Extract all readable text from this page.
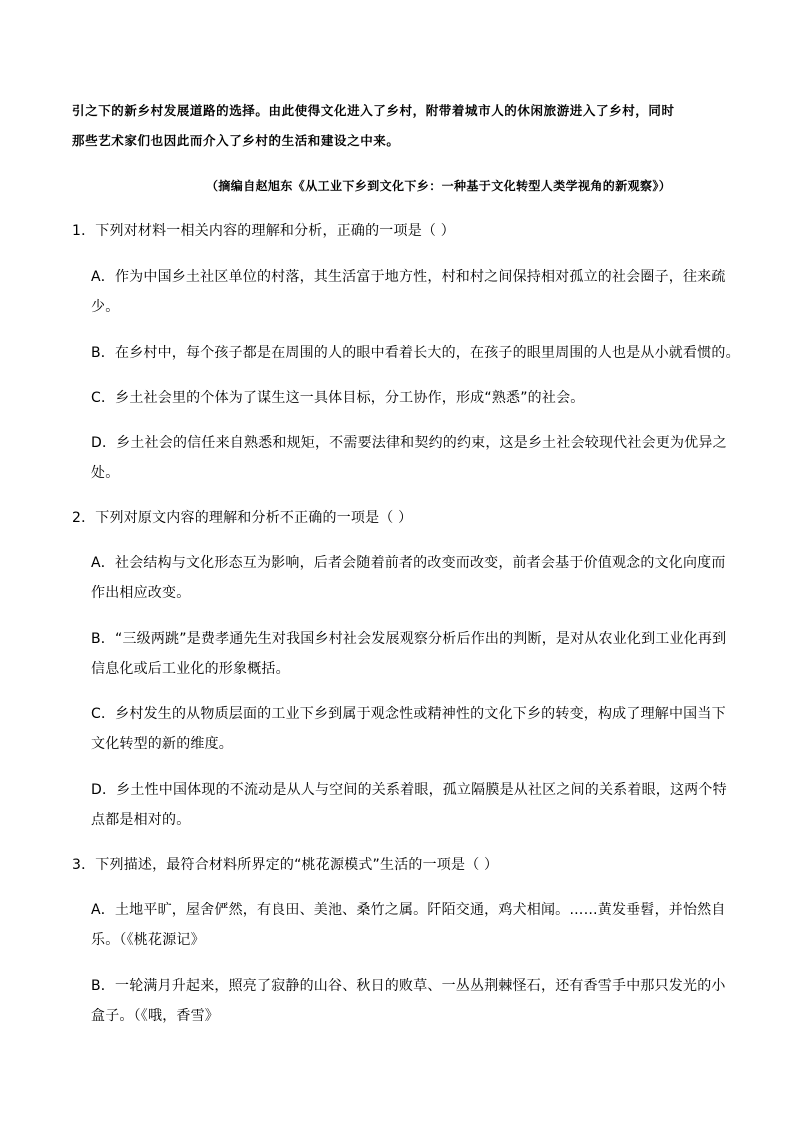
引之下的新乡村发展道路的选择。由此使得文化进入了乡村，附带着城市人的休闲旅游进入了乡村，同时
那些艺术家们也因此而介入了乡村的生活和建设之中来。
（摘编自赵旭东《从工业下乡到文化下乡：一种基于文化转型人类学视角的新观察》）
1．下列对材料一相关内容的理解和分析，正确的一项是（ ）
A．作为中国乡土社区单位的村落，其生活富于地方性，村和村之间保持相对孤立的社会圈子，往来疏
少。
B．在乡村中，每个孩子都是在周围的人的眼中看着长大的，在孩子的眼里周围的人也是从小就看惯的。
C．乡土社会里的个体为了谋生这一具体目标，分工协作，形成“熟悉”的社会。
D．乡土社会的信任来自熟悉和规矩，不需要法律和契约的约束，这是乡土社会较现代社会更为优异之
处。
2．下列对原文内容的理解和分析不正确的一项是（ ）
A．社会结构与文化形态互为影响，后者会随着前者的改变而改变，前者会基于价值观念的文化向度而
作出相应改变。
B．“三级两跳”是费孝通先生对我国乡村社会发展观察分析后作出的判断，是对从农业化到工业化再到
信息化或后工业化的形象概括。
C．乡村发生的从物质层面的工业下乡到属于观念性或精神性的文化下乡的转变，构成了理解中国当下
文化转型的新的维度。
D．乡土性中国体现的不流动是从人与空间的关系着眼，孤立隔膜是从社区之间的关系着眼，这两个特
点都是相对的。
3．下列描述，最符合材料所界定的“桃花源模式”生活的一项是（ ）
A．土地平旷，屋舍俨然，有良田、美池、桑竹之属。阡陌交通，鸡犬相闻。……黄发垂髫，并怡然自
乐。（《桃花源记》
B．一轮满月升起来，照亮了寂静的山谷、秋日的败草、一丛丛荆棘怪石，还有香雪手中那只发光的小
盒子。（《哦，香雪》
